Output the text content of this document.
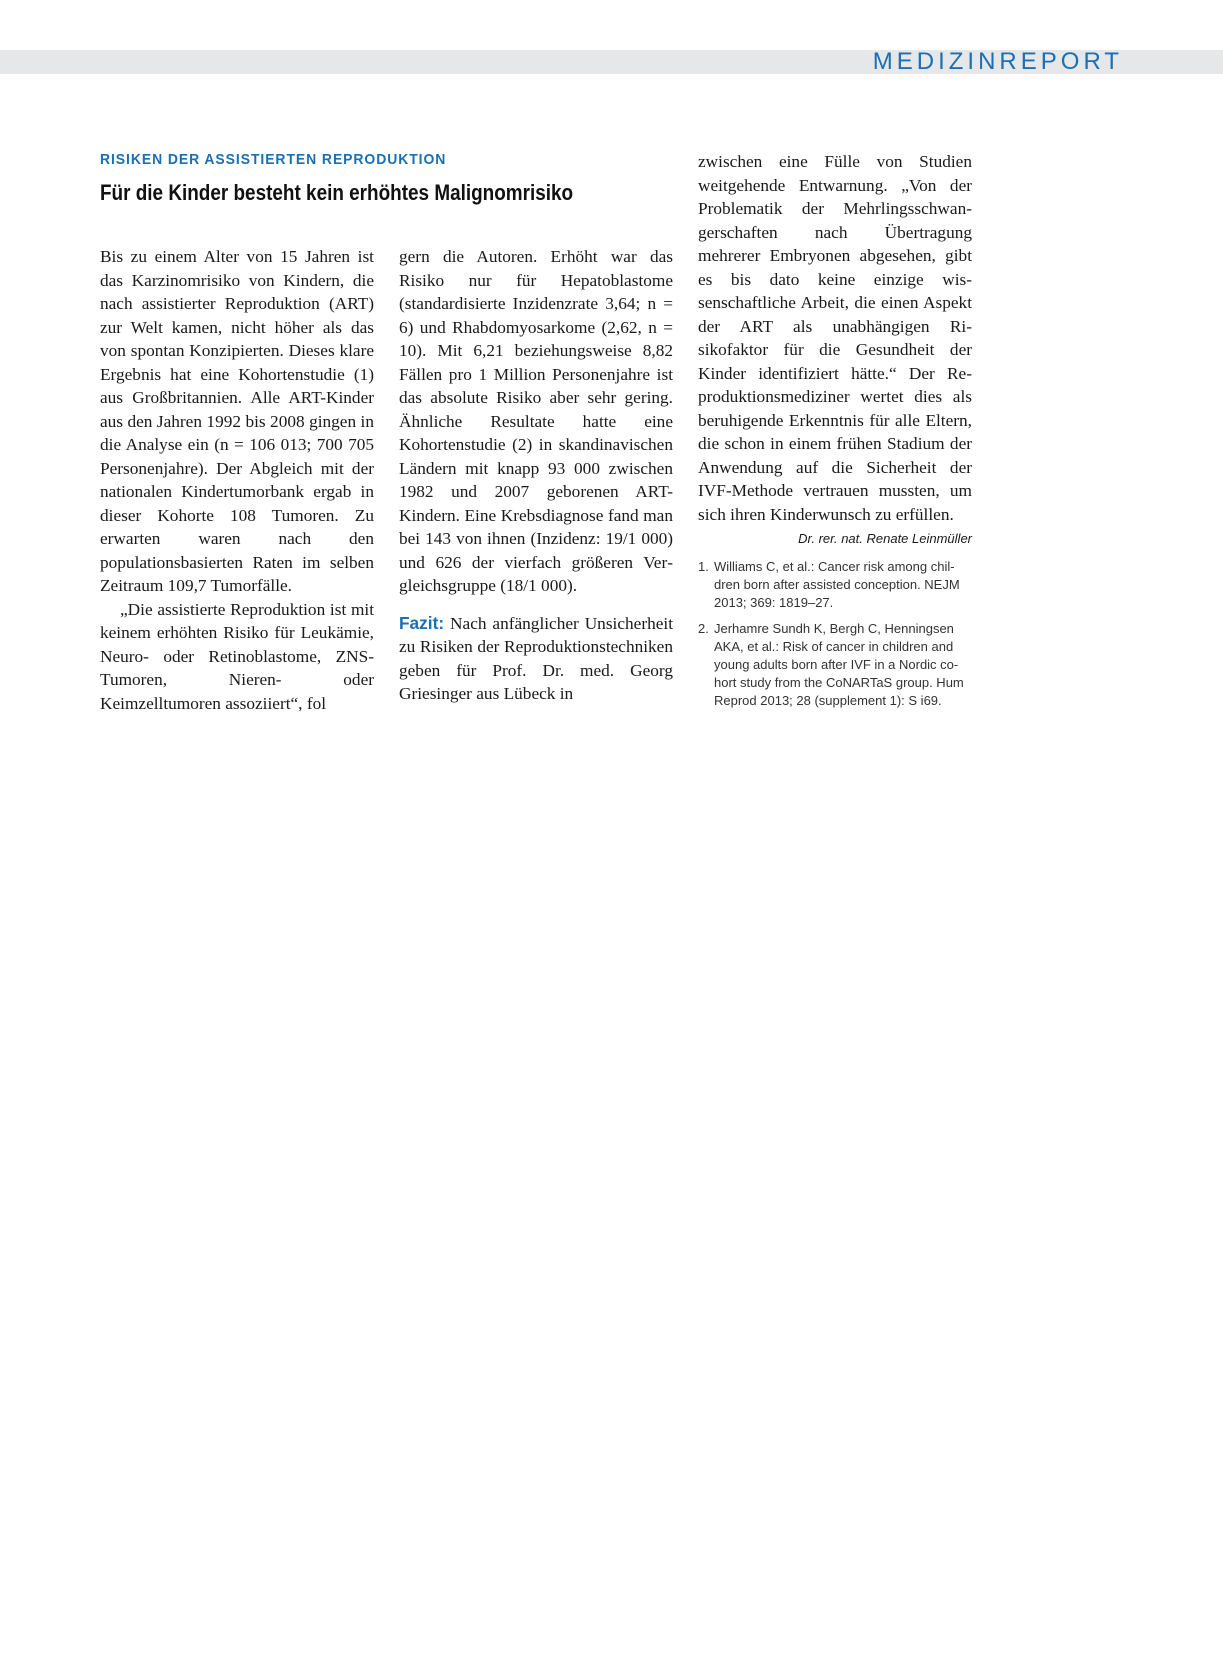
MEDIZINREPORT
RISIKEN DER ASSISTIERTEN REPRODUKTION
Für die Kinder besteht kein erhöhtes Malignomrisiko

Bis zu einem Alter von 15 Jahren ist das Karzinomrisiko von Kindern, die nach assistierter Reproduktion (ART) zur Welt kamen, nicht höher als das von spontan Konzipierten. Dieses klare Ergebnis hat eine Kohortenstudie (1) aus Großbritannien. Alle ART-Kinder aus den Jahren 1992 bis 2008 gingen in die Analyse ein (n = 106 013; 700 705 Personenjahre). Der Abgleich mit der nationalen Kindertumorbank ergab in dieser Kohorte 108 Tumoren. Zu erwarten waren nach den populationsbasierten Raten im selben Zeitraum 109,7 Tumorfälle.

„Die assistierte Reproduktion ist mit keinem erhöhten Risiko für Leukämie, Neuro- oder Retinoblastome, ZNS-Tumoren, Nieren- oder Keimzelltumoren assoziiert“, fol

gern die Autoren. Erhöht war das Risiko nur für Hepatoblastome (standardisierte Inzidenzrate 3,64; n = 6) und Rhabdomyosarkome (2,62, n = 10). Mit 6,21 beziehungsweise 8,82 Fällen pro 1 Million Personenjahre ist das absolute Risiko aber sehr gering. Ähnliche Resultate hatte eine Kohortenstudie (2) in skandinavischen Ländern mit knapp 93 000 zwischen 1982 und 2007 geborenen ART-Kindern. Eine Krebsdiagnose fand man bei 143 von ihnen (Inzidenz: 19/1 000) und 626 der vierfach größeren Vergleichsgruppe (18/1 000).

Fazit: Nach anfänglicher Unsicherheit zu Risiken der Reproduktionstechniken geben für Prof. Dr. med. Georg Griesinger aus Lübeck in

zwischen eine Fülle von Studien weitgehende Entwarnung. „Von der Problematik der Mehrlingsschwangerschaften nach Übertragung mehrerer Embryonen abgesehen, gibt es bis dato keine einzige wissenschaftliche Arbeit, die einen Aspekt der ART als unabhängigen Risikofaktor für die Gesundheit der Kinder identifiziert hätte.“ Der Reproduktionsmediziner wertet dies als beruhigende Erkenntnis für alle Eltern, die schon in einem frühen Stadium der Anwendung auf die Sicherheit der IVF-Methode vertrauen mussten, um sich ihren Kinderwunsch zu erfüllen.

Dr. rer. nat. Renate Leinmüller

1. Williams C, et al.: Cancer risk among children born after assisted conception. NEJM 2013; 369: 1819–27.
2. Jerhamre Sundh K, Bergh C, Henningsen AKA, et al.: Risk of cancer in children and young adults born after IVF in a Nordic cohort study from the CoNARTaS group. Hum Reprod 2013; 28 (supplement 1): S i69.
